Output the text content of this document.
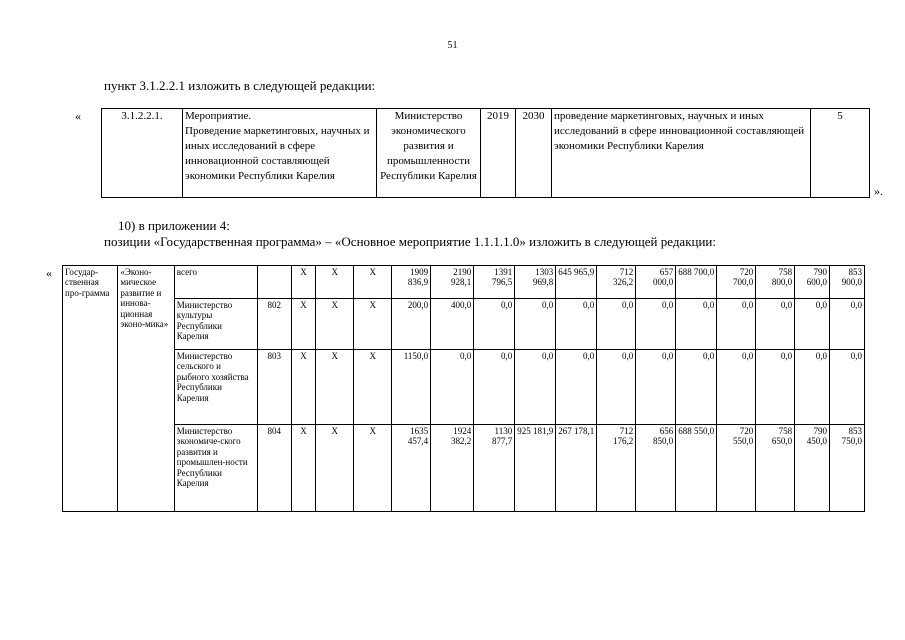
51
пункт 3.1.2.2.1 изложить в следующей редакции:
«	3.1.2.2.1.	Мероприятие.
Проведение маркетинговых, научных и иных исследований в сфере инновационной составляющей экономики Республики Карелия	Министерство экономического развития и промышленности Республики Карелия	2019	2030	проведение маркетинговых, научных и иных исследований в сфере инновационной составляющей экономики Республики Карелия	5
».
10) в приложении 4:
позиции «Государственная программа» – «Основное мероприятие 1.1.1.1.0» изложить в следующей редакции:
« Государ-ственная про-грамма	«Эконо-мическое развитие и иннова-ционная эконо-мика»	всего		Х	Х	Х	1909 836,9	2190 928,1	1391 796,5	1303 969,8	645 965,9	712 326,2	657 000,0	688 700,0	720 700,0	758 800,0	790 600,0	853 900,0
		Министерство культуры Республики Карелия	802	Х	Х	Х	200,0	400,0	0,0	0,0	0,0	0,0	0,0	0,0	0,0	0,0	0,0	0,0
		Министерство сельского и рыбного хозяйства Республики Карелия	803	Х	Х	Х	1150,0	0,0	0,0	0,0	0,0	0,0	0,0	0,0	0,0	0,0	0,0	0,0
		Министерство экономиче-ского развития и промышлен-ности Республики Карелия	804	Х	Х	Х	1635 457,4	1924 382,2	1130 877,7	925 181,9	267 178,1	712 176,2	656 850,0	688 550,0	720 550,0	758 650,0	790 450,0	853 750,0
